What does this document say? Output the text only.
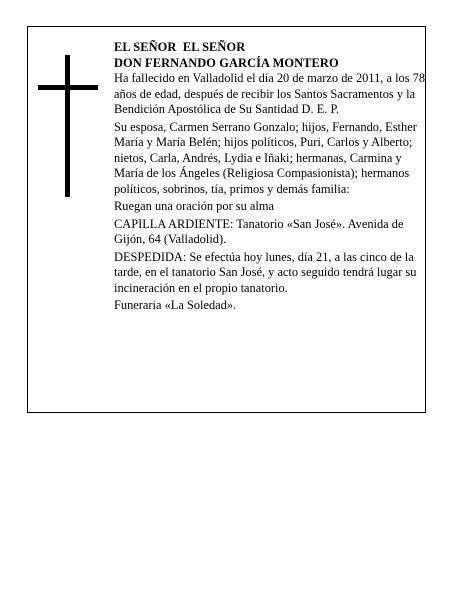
EL SEÑOR  EL SEÑOR

DON FERNANDO GARCÍA MONTERO

Ha fallecido en Valladolid el día 20 de marzo de 2011, a los 78 años de edad, después de recibir los Santos Sacramentos y la Bendición Apostólica de Su Santidad D. E. P.

Su esposa, Carmen Serrano Gonzalo; hijos, Fernando, Esther María y María Belén; hijos políticos, Puri, Carlos y Alberto; nietos, Carla, Andrés, Lydia e Iñaki; hermanas, Carmina y María de los Ángeles (Religiosa Compasionista); hermanos políticos, sobrinos, tía, primos y demás familia:

Ruegan una oración por su alma

CAPILLA ARDIENTE: Tanatorio «San José». Avenida de Gijón, 64 (Valladolid).

DESPEDIDA: Se efectúa hoy lunes, día 21, a las cinco de la tarde, en el tanatorio San José, y acto seguido tendrá lugar su incineración en el propio tanatorio.

Funeraria «La Soledad».
